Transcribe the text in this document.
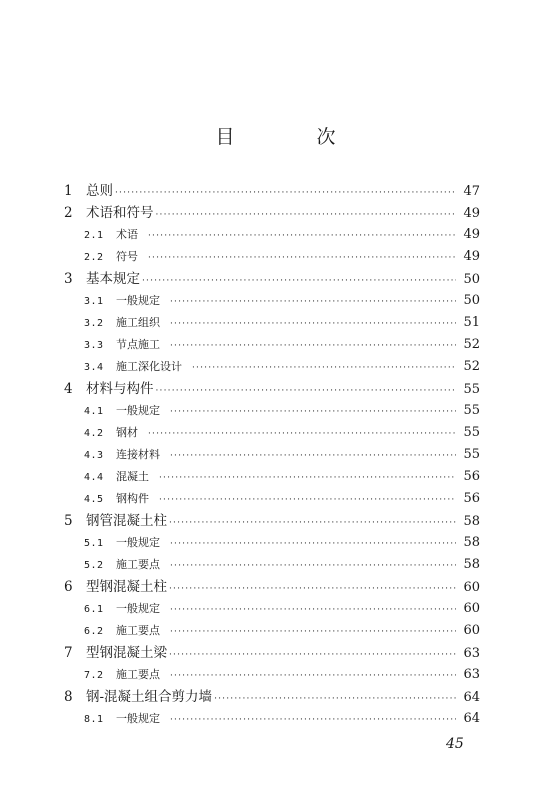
目 次
1 总则 ·····	47
2 术语和符号 ·····	49
2.1	术语 ·····	49
2.2	符号 ·····	49
3 基本规定 ·····	50
3.1	一般规定 ·····	50
3.2	施工组织 ·····	51
3.3	节点施工 ·····	52
3.4	施工深化设计 ·····	52
4 材料与构件 ·····	55
4.1	一般规定 ·····	55
4.2	钢材 ·····	55
4.3	连接材料 ·····	55
4.4	混凝土 ·····	56
4.5	钢构件 ·····	56
5 钢管混凝土柱 ·····	58
5.1	一般规定 ·····	58
5.2	施工要点 ·····	58
6 型钢混凝土柱 ·····	60
6.1	一般规定 ·····	60
6.2	施工要点 ·····	60
7 型钢混凝土梁 ·····	63
7.2	施工要点 ·····	63
8 钢-混凝土组合剪力墙 ·····	64
8.1	一般规定 ·····	64
45
